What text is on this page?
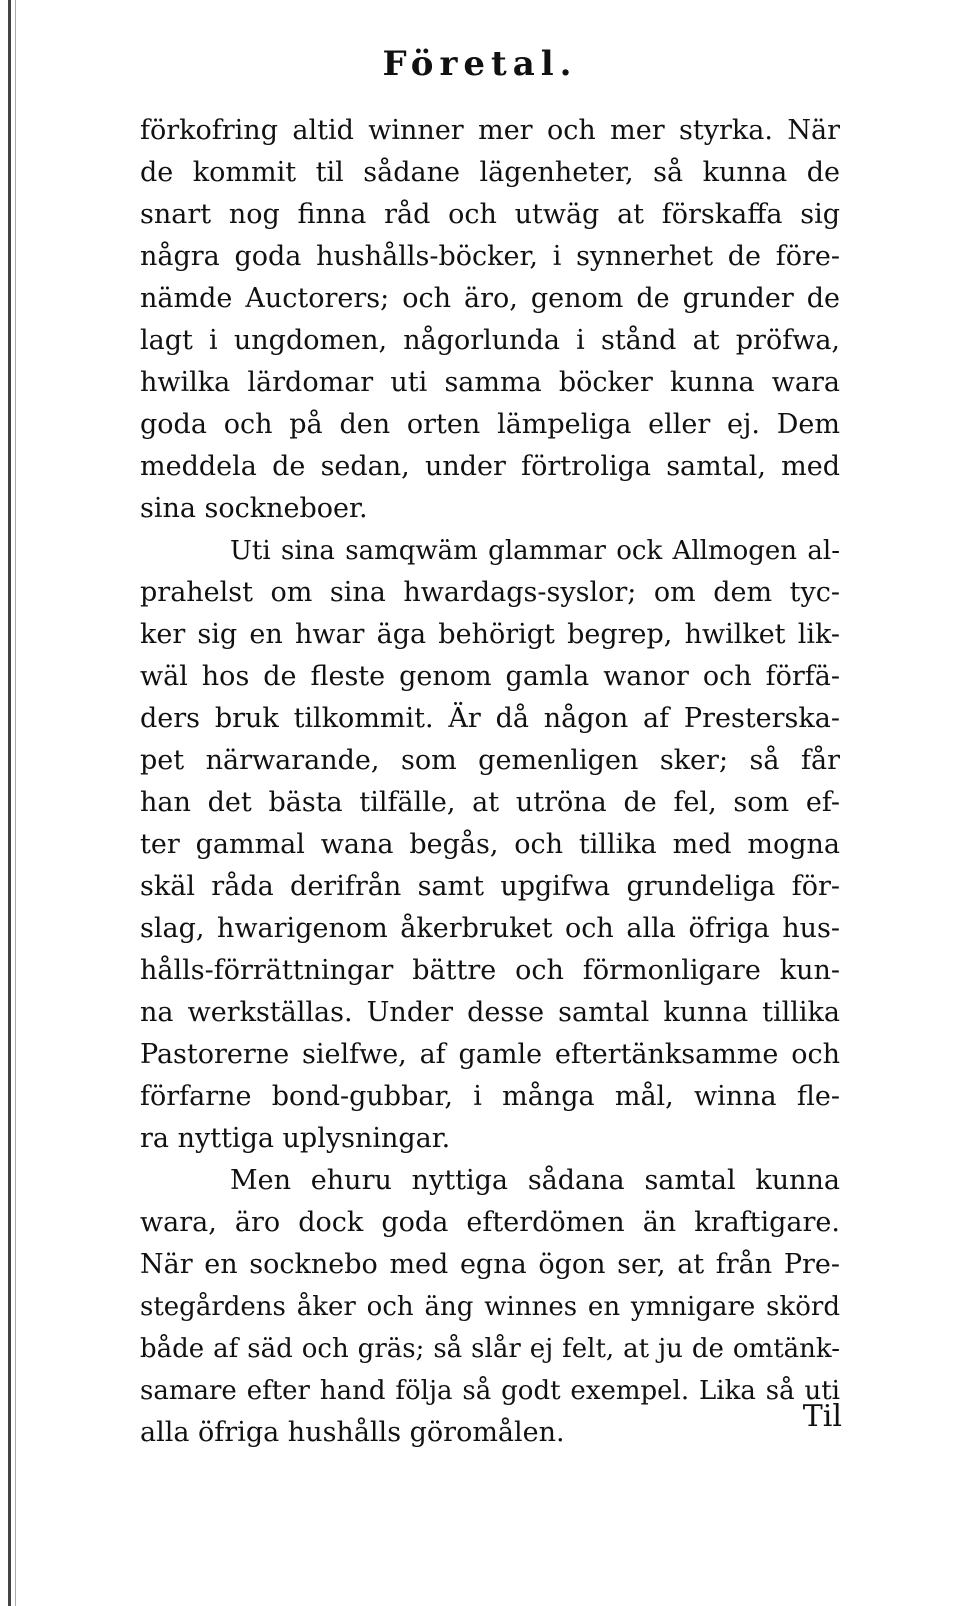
Företal.
förkofring altid winner mer och mer styrka. När
de kommit til sådane lägenheter, så kunna de
snart nog finna råd och utwäg at förskaffa sig
några goda hushålls-böcker, i synnerhet de före-
nämde Auctorers; och äro, genom de grunder de
lagt i ungdomen, någorlunda i stånd at pröfwa,
hwilka lärdomar uti samma böcker kunna wara
goda och på den orten lämpeliga eller ej. Dem
meddela de sedan, under förtroliga samtal, med
sina sockneboer.
Uti sina samqwäm glammar ock Allmogen al-
prahelst om sina hwardags-syslor; om dem tyc-
ker sig en hwar äga behörigt begrep, hwilket lik-
wäl hos de fleste genom gamla wanor och förfä-
ders bruk tilkommit. Är då någon af Presterska-
pet närwarande, som gemenligen sker; så får
han det bästa tilfälle, at utröna de fel, som ef-
ter gammal wana begås, och tillika med mogna
skäl råda derifrån samt upgifwa grundeliga för-
slag, hwarigenom åkerbruket och alla öfriga hus-
hålls-förrättningar bättre och förmonligare kun-
na werkställas. Under desse samtal kunna tillika
Pastorerne sielfwe, af gamle eftertänksamme och
förfarne bond-gubbar, i många mål, winna fle-
ra nyttiga uplysningar.
Men ehuru nyttiga sådana samtal kunna
wara, äro dock goda efterdömen än kraftigare.
När en socknebo med egna ögon ser, at från Pre-
stegårdens åker och äng winnes en ymnigare skörd
både af säd och gräs; så slår ej felt, at ju de omtänk-
samare efter hand följa så godt exempel. Lika så uti
alla öfriga hushålls göromålen.	Til
